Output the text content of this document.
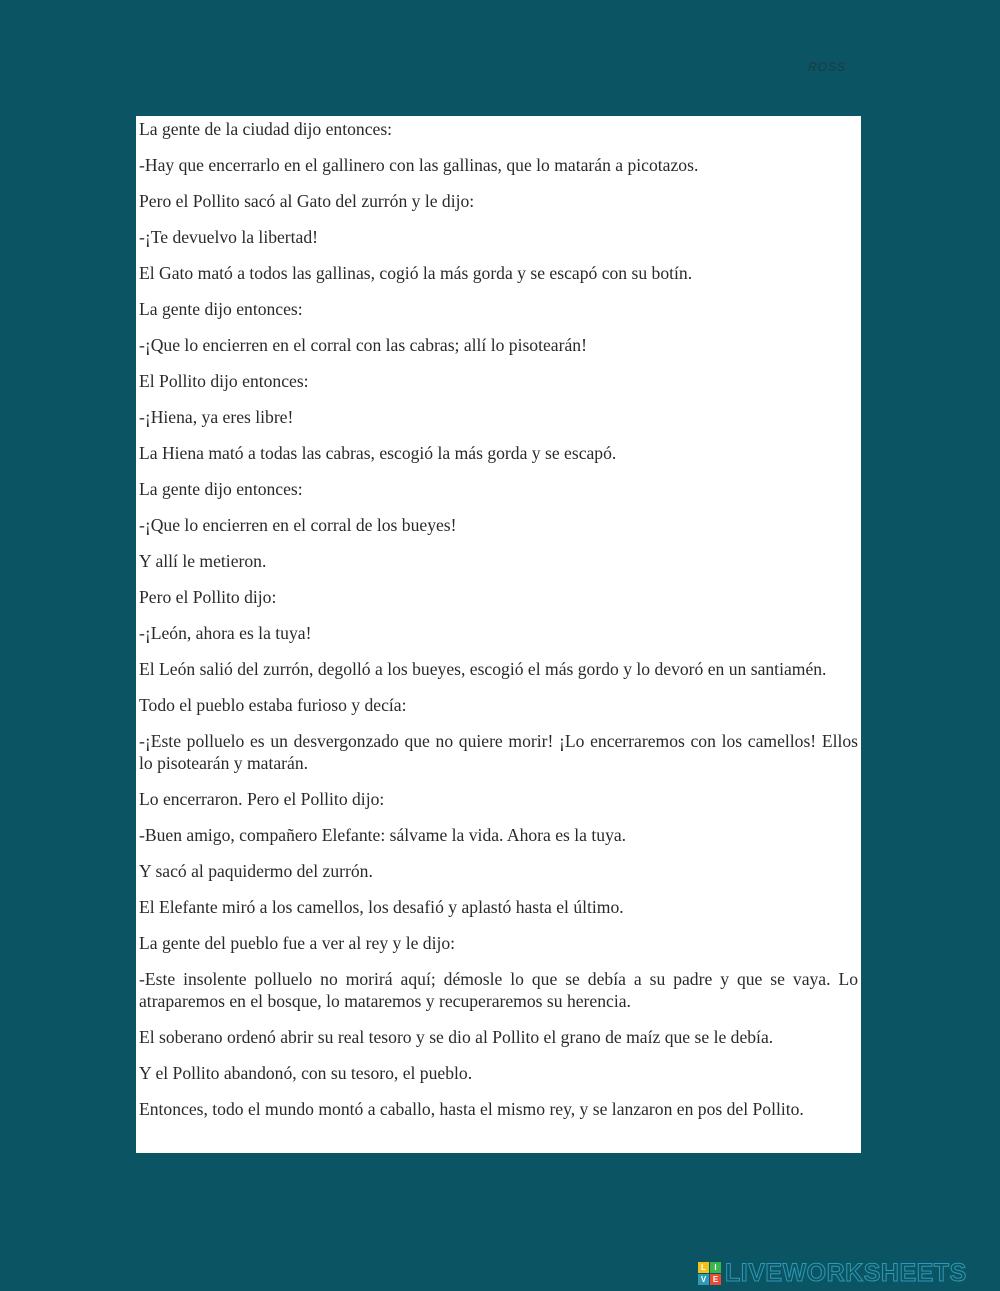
ROSS

La gente de la ciudad dijo entonces:

-Hay que encerrarlo en el gallinero con las gallinas, que lo matarán a picotazos.

Pero el Pollito sacó al Gato del zurrón y le dijo:

-¡Te devuelvo la libertad!

El Gato mató a todos las gallinas, cogió la más gorda y se escapó con su botín.

La gente dijo entonces:

-¡Que lo encierren en el corral con las cabras; allí lo pisotearán!

El Pollito dijo entonces:

-¡Hiena, ya eres libre!

La Hiena mató a todas las cabras, escogió la más gorda y se escapó.

La gente dijo entonces:

-¡Que lo encierren en el corral de los bueyes!

Y allí le metieron.

Pero el Pollito dijo:

-¡León, ahora es la tuya!

El León salió del zurrón, degolló a los bueyes, escogió el más gordo y lo devoró en un santiamén.

Todo el pueblo estaba furioso y decía:

-¡Este polluelo es un desvergonzado que no quiere morir! ¡Lo encerraremos con los camellos! Ellos lo pisotearán y matarán.

Lo encerraron. Pero el Pollito dijo:

-Buen amigo, compañero Elefante: sálvame la vida. Ahora es la tuya.

Y sacó al paquidermo del zurrón.

El Elefante miró a los camellos, los desafió y aplastó hasta el último.

La gente del pueblo fue a ver al rey y le dijo:

-Este insolente polluelo no morirá aquí; démosle lo que se debía a su padre y que se vaya. Lo atraparemos en el bosque, lo mataremos y recuperaremos su herencia.

El soberano ordenó abrir su real tesoro y se dio al Pollito el grano de maíz que se le debía.

Y el Pollito abandonó, con su tesoro, el pueblo.

Entonces, todo el mundo montó a caballo, hasta el mismo rey, y se lanzaron en pos del Pollito.

L	I
V E LIVEWORKSHEETS
